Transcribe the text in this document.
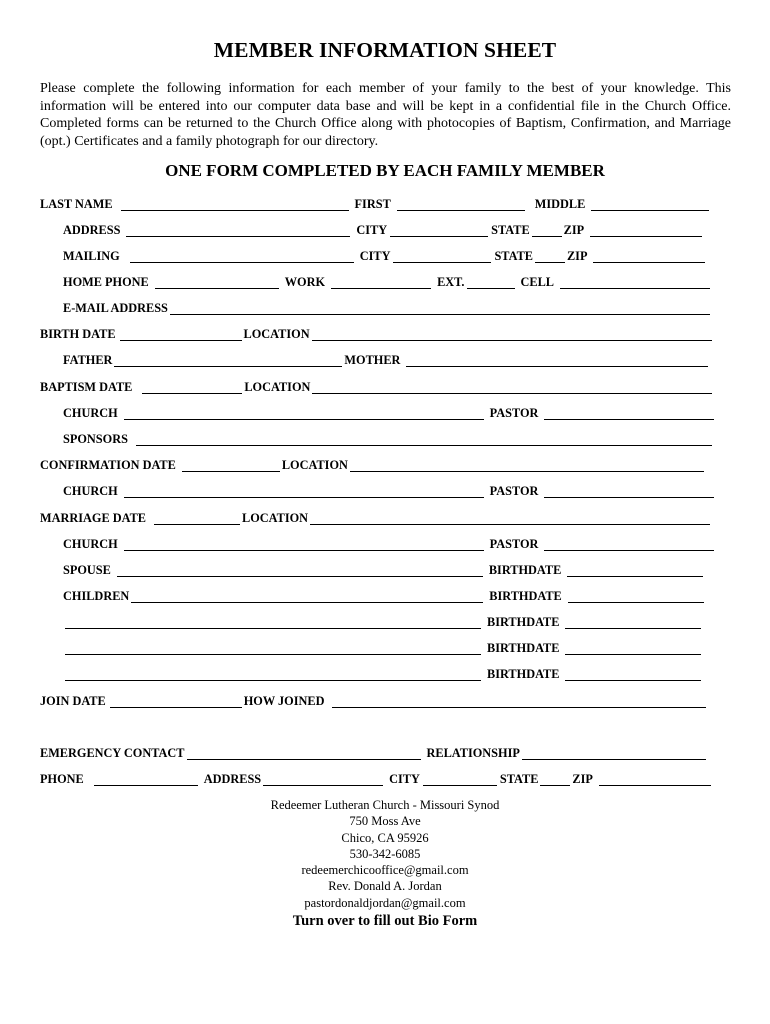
MEMBER INFORMATION SHEET
Please complete the following information for each member of your family to the best of your knowledge. This information will be entered into our computer data base and will be kept in a confidential file in the Church Office. Completed forms can be returned to the Church Office along with photocopies of Baptism, Confirmation, and Marriage (opt.) Certificates and a family photograph for our directory.
ONE FORM COMPLETED BY EACH FAMILY MEMBER
LAST NAME	FIRST	MIDDLE
ADDRESS	CITY	STATE	ZIP
MAILING	CITY	STATE	ZIP
HOME PHONE	WORK	EXT.	CELL
E-MAIL ADDRESS
BIRTH DATE	LOCATION
FATHER	MOTHER
BAPTISM DATE	LOCATION
CHURCH	PASTOR
SPONSORS
CONFIRMATION DATE	LOCATION
CHURCH	PASTOR
MARRIAGE DATE	LOCATION
CHURCH	PASTOR
SPOUSE	BIRTHDATE
CHILDREN	BIRTHDATE
BIRTHDATE
BIRTHDATE
BIRTHDATE
JOIN DATE	HOW JOINED
EMERGENCY CONTACT	RELATIONSHIP
PHONE	ADDRESS	CITY	STATE	ZIP
Redeemer Lutheran Church - Missouri Synod
750 Moss Ave
Chico, CA 95926
530-342-6085
redeemerchicooffice@gmail.com
Rev. Donald A. Jordan
pastordonaldjordan@gmail.com
Turn over to fill out Bio Form
